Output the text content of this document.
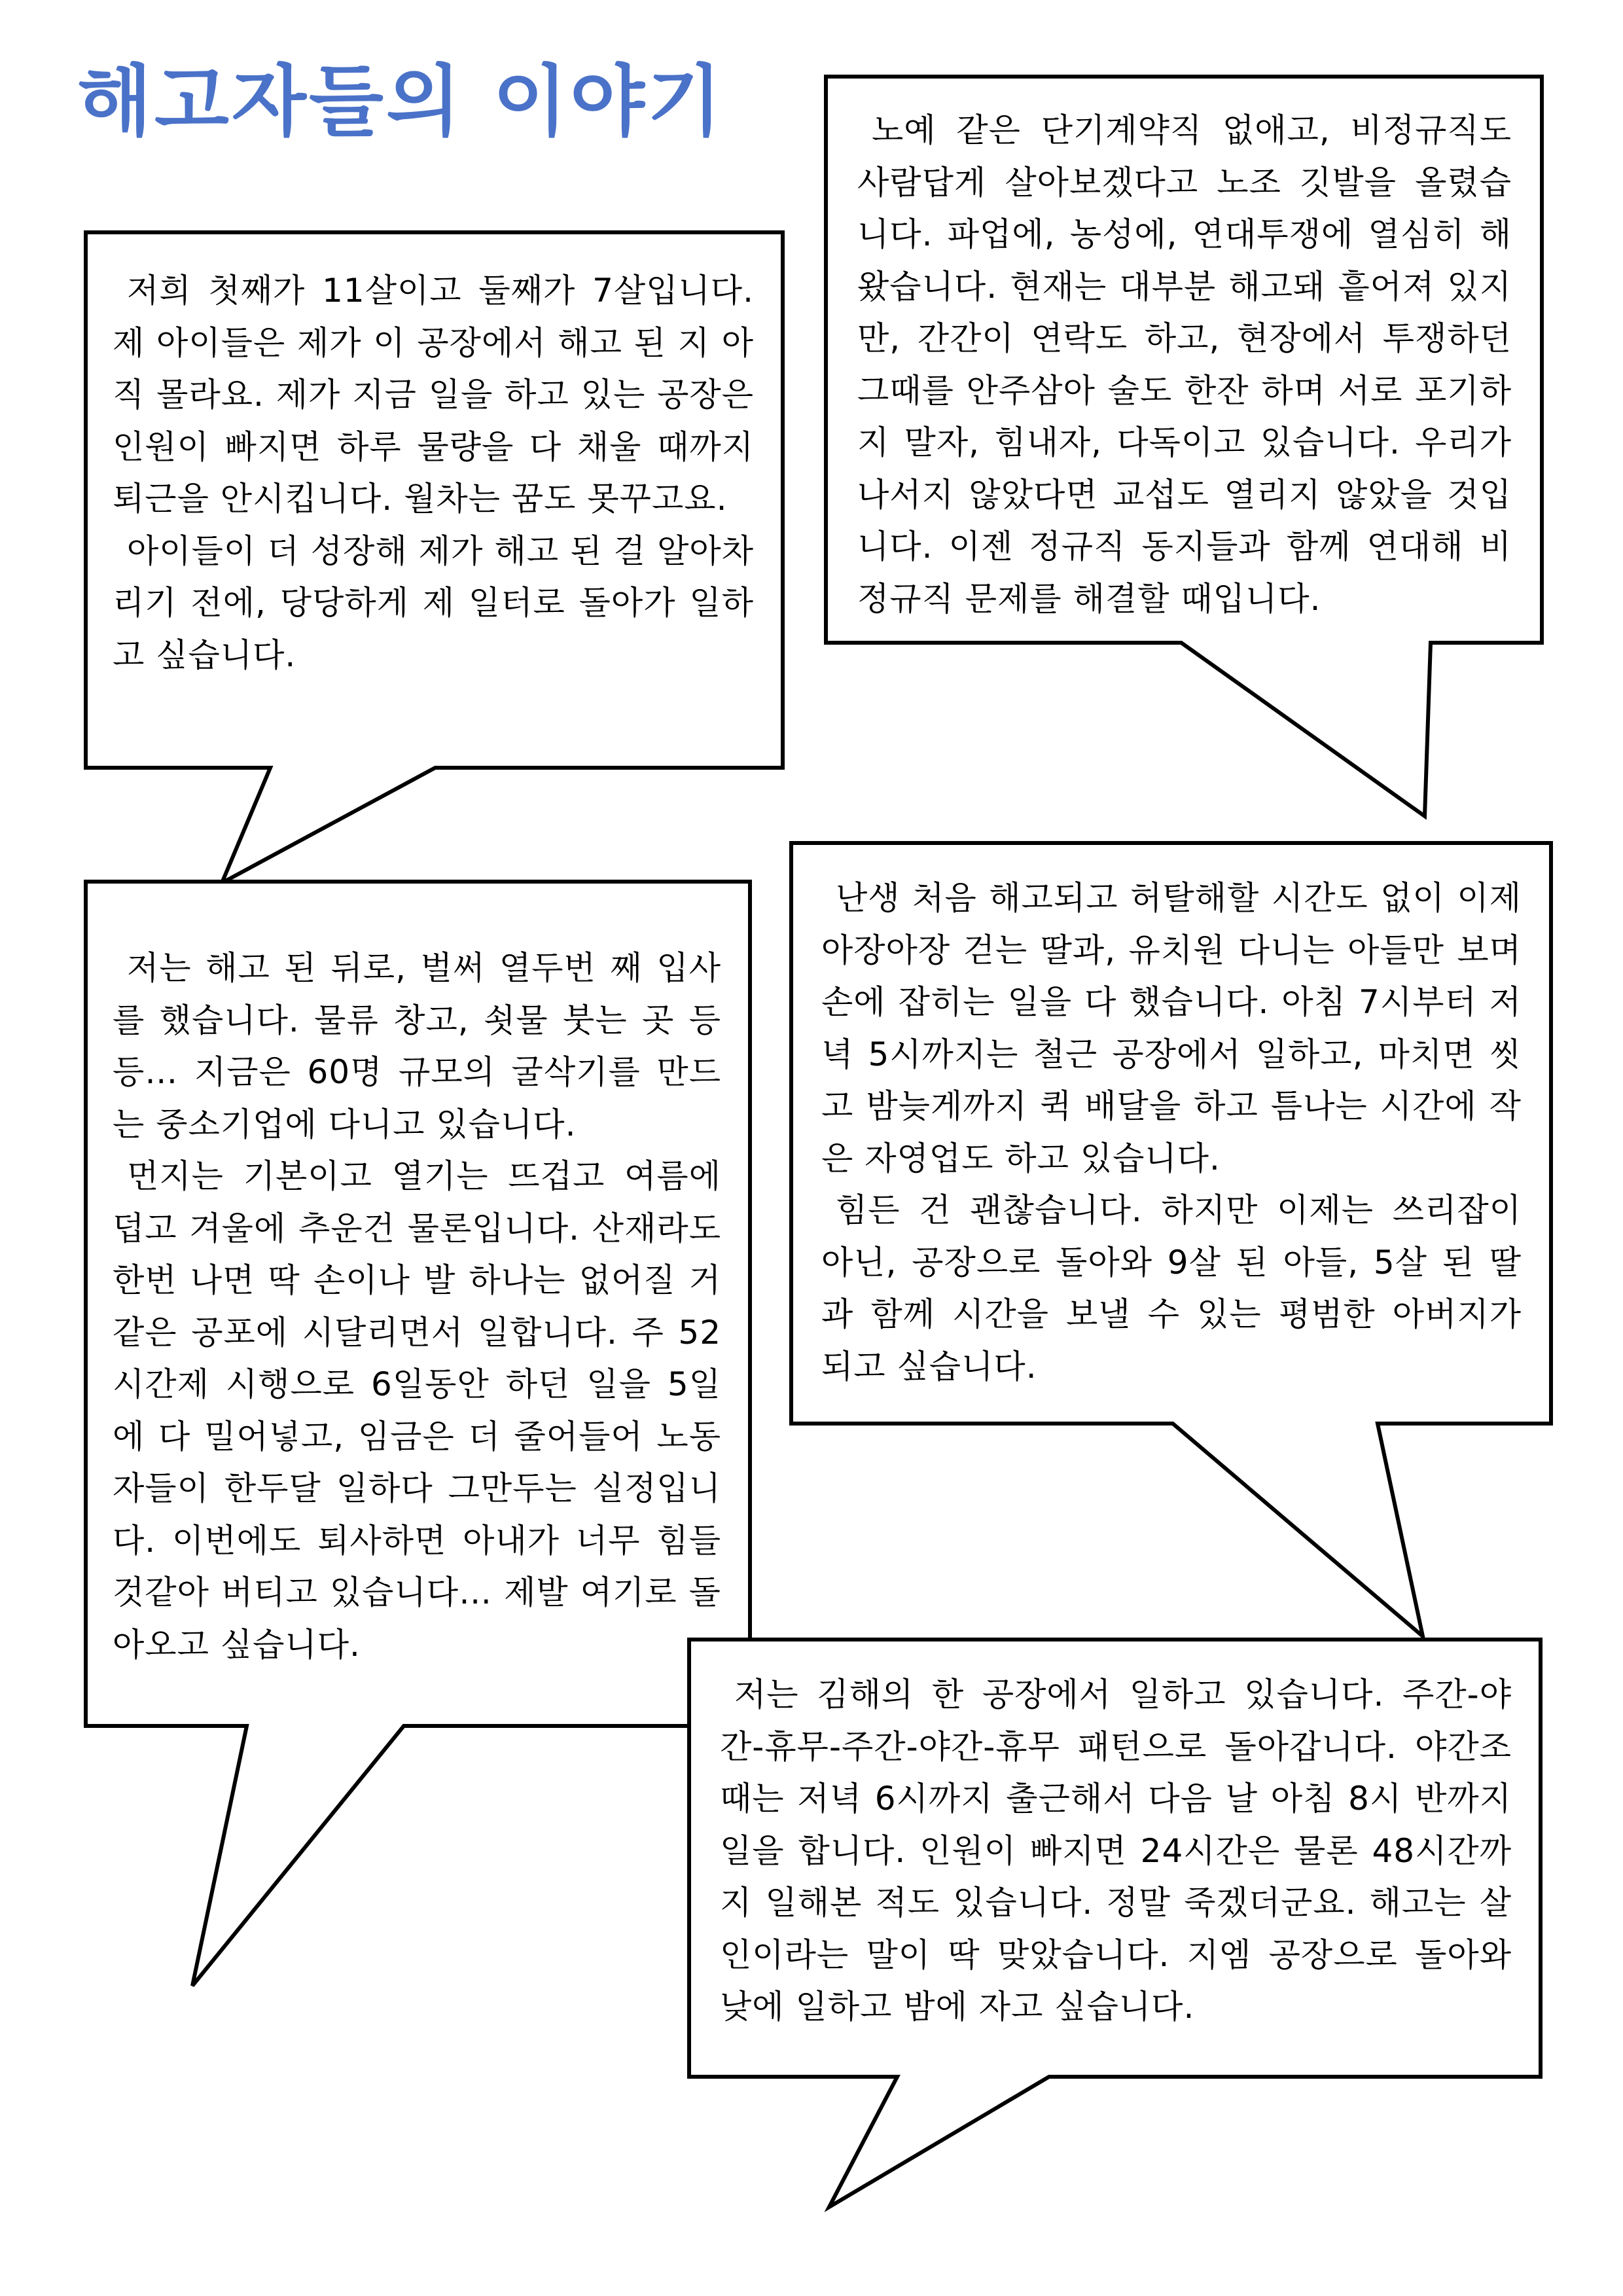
해고자들의 이야기

저희 첫째가 11살이고 둘째가 7살입니다. 제 아이들은 제가 이 공장에서 해고 된 지 아직 몰라요. 제가 지금 일을 하고 있는 공장은 인원이 빠지면 하루 물량을 다 채울 때까지 퇴근을 안시킵니다. 월차는 꿈도 못꾸고요.

아이들이 더 성장해 제가 해고 된 걸 알아차리기 전에, 당당하게 제 일터로 돌아가 일하고 싶습니다.

노예 같은 단기계약직 없애고, 비정규직도 사람답게 살아보겠다고 노조 깃발을 올렸습니다. 파업에, 농성에, 연대투쟁에 열심히 해왔습니다. 현재는 대부분 해고돼 흩어져 있지만, 간간이 연락도 하고, 현장에서 투쟁하던 그때를 안주삼아 술도 한잔 하며 서로 포기하지 말자, 힘내자, 다독이고 있습니다. 우리가 나서지 않았다면 교섭도 열리지 않았을 것입니다. 이젠 정규직 동지들과 함께 연대해 비정규직 문제를 해결할 때입니다.

저는 해고 된 뒤로, 벌써 열두번 째 입사를 했습니다. 물류 창고, 쇳물 붓는 곳 등등… 지금은 60명 규모의 굴삭기를 만드는 중소기업에 다니고 있습니다.

먼지는 기본이고 열기는 뜨겁고 여름에 덥고 겨울에 추운건 물론입니다. 산재라도 한번 나면 딱 손이나 발 하나는 없어질 거 같은 공포에 시달리면서 일합니다. 주 52시간제 시행으로 6일동안 하던 일을 5일에 다 밀어넣고, 임금은 더 줄어들어 노동자들이 한두달 일하다 그만두는 실정입니다. 이번에도 퇴사하면 아내가 너무 힘들 것같아 버티고 있습니다… 제발 여기로 돌아오고 싶습니다.

난생 처음 해고되고 허탈해할 시간도 없이 이제 아장아장 걷는 딸과, 유치원 다니는 아들만 보며 손에 잡히는 일을 다 했습니다. 아침 7시부터 저녁 5시까지는 철근 공장에서 일하고, 마치면 씻고 밤늦게까지 퀵 배달을 하고 틈나는 시간에 작은 자영업도 하고 있습니다.

힘든 건 괜찮습니다. 하지만 이제는 쓰리잡이 아닌, 공장으로 돌아와 9살 된 아들, 5살 된 딸과 함께 시간을 보낼 수 있는 평범한 아버지가 되고 싶습니다.

저는 김해의 한 공장에서 일하고 있습니다. 주간-야간-휴무-주간-야간-휴무 패턴으로 돌아갑니다. 야간조때는 저녁 6시까지 출근해서 다음 날 아침 8시 반까지 일을 합니다. 인원이 빠지면 24시간은 물론 48시간까지 일해본 적도 있습니다. 정말 죽겠더군요. 해고는 살인이라는 말이 딱 맞았습니다. 지엠 공장으로 돌아와 낮에 일하고 밤에 자고 싶습니다.
